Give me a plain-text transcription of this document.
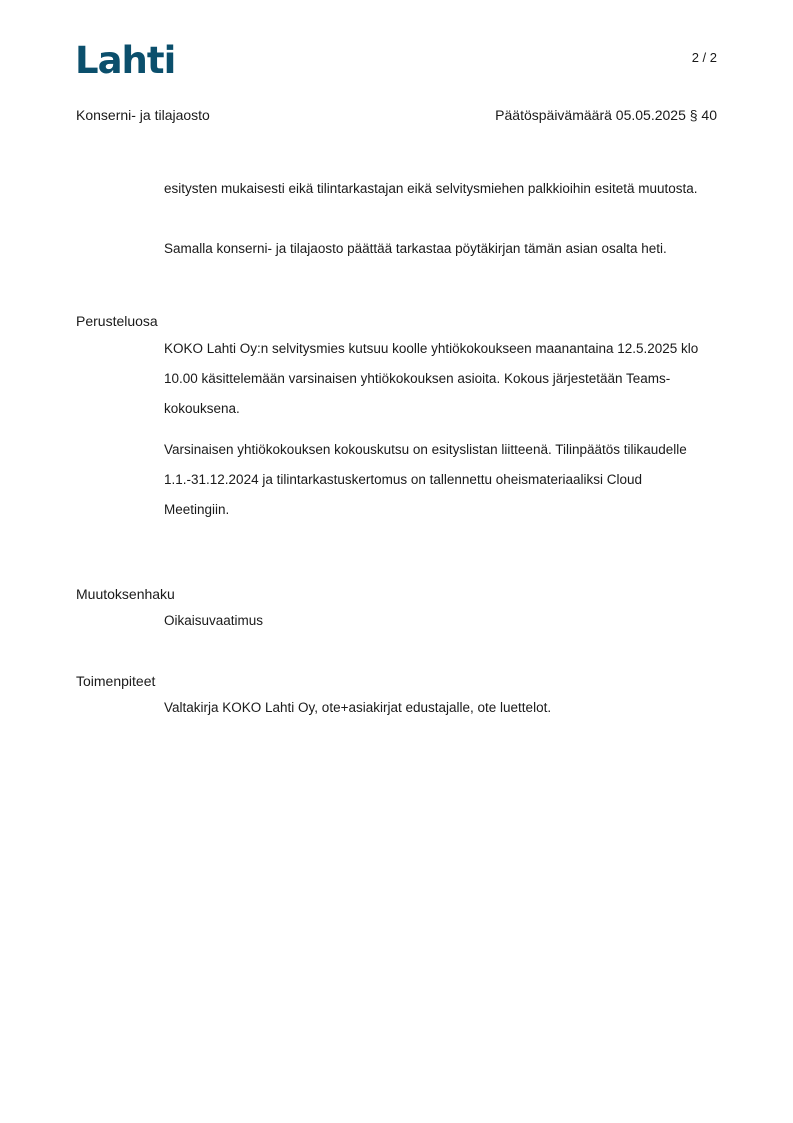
Lahti	2 / 2
Konserni- ja tilajaosto	Päätöspäivämäärä 05.05.2025 § 40
esitysten mukaisesti eikä tilintarkastajan eikä selvitysmiehen palkkioihin esitetä muutosta.
Samalla konserni- ja tilajaosto päättää tarkastaa pöytäkirjan tämän asian osalta heti.
Perusteluosa
KOKO Lahti Oy:n selvitysmies kutsuu koolle yhtiökokoukseen maanantaina 12.5.2025 klo 10.00 käsittelemään varsinaisen yhtiökokouksen asioita. Kokous järjestetään Teams-kokouksena.
Varsinaisen yhtiökokouksen kokouskutsu on esityslistan liitteenä. Tilinpäätös tilikaudelle 1.1.-31.12.2024 ja tilintarkastuskertomus on tallennettu oheismateriaaliksi Cloud Meetingiin.
Muutoksenhaku
Oikaisuvaatimus
Toimenpiteet
Valtakirja KOKO Lahti Oy, ote+asiakirjat edustajalle, ote luettelot.
